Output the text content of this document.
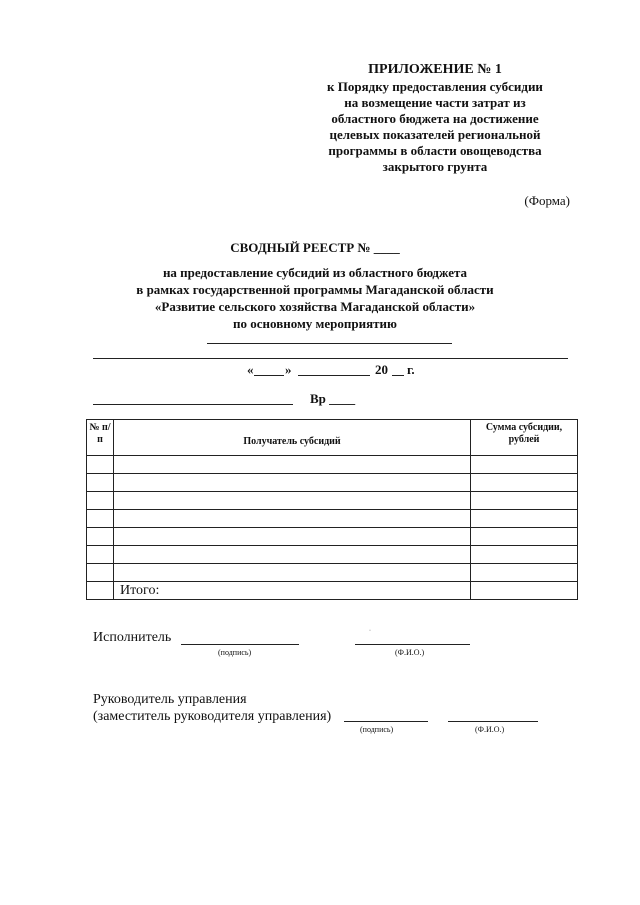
ПРИЛОЖЕНИЕ № 1
к Порядку предоставления субсидии
на возмещение части затрат из
областного бюджета на достижение
целевых показателей региональной
программы в области овощеводства
закрытого грунта
(Форма)
СВОДНЫЙ РЕЕСТР № ____
на предоставление субсидий из областного бюджета
в рамках государственной программы Магаданской области
«Развитие сельского хозяйства Магаданской области»
по основному мероприятию
« »	20 г.
Вр ____
№ п/п	Получатель субсидий	Сумма субсидии, рублей

	Итого:	
Исполнитель
(подпись)
·
(Ф.И.О.)
Руководитель управления
(заместитель руководителя управления)
(подпись)	(Ф.И.О.)
